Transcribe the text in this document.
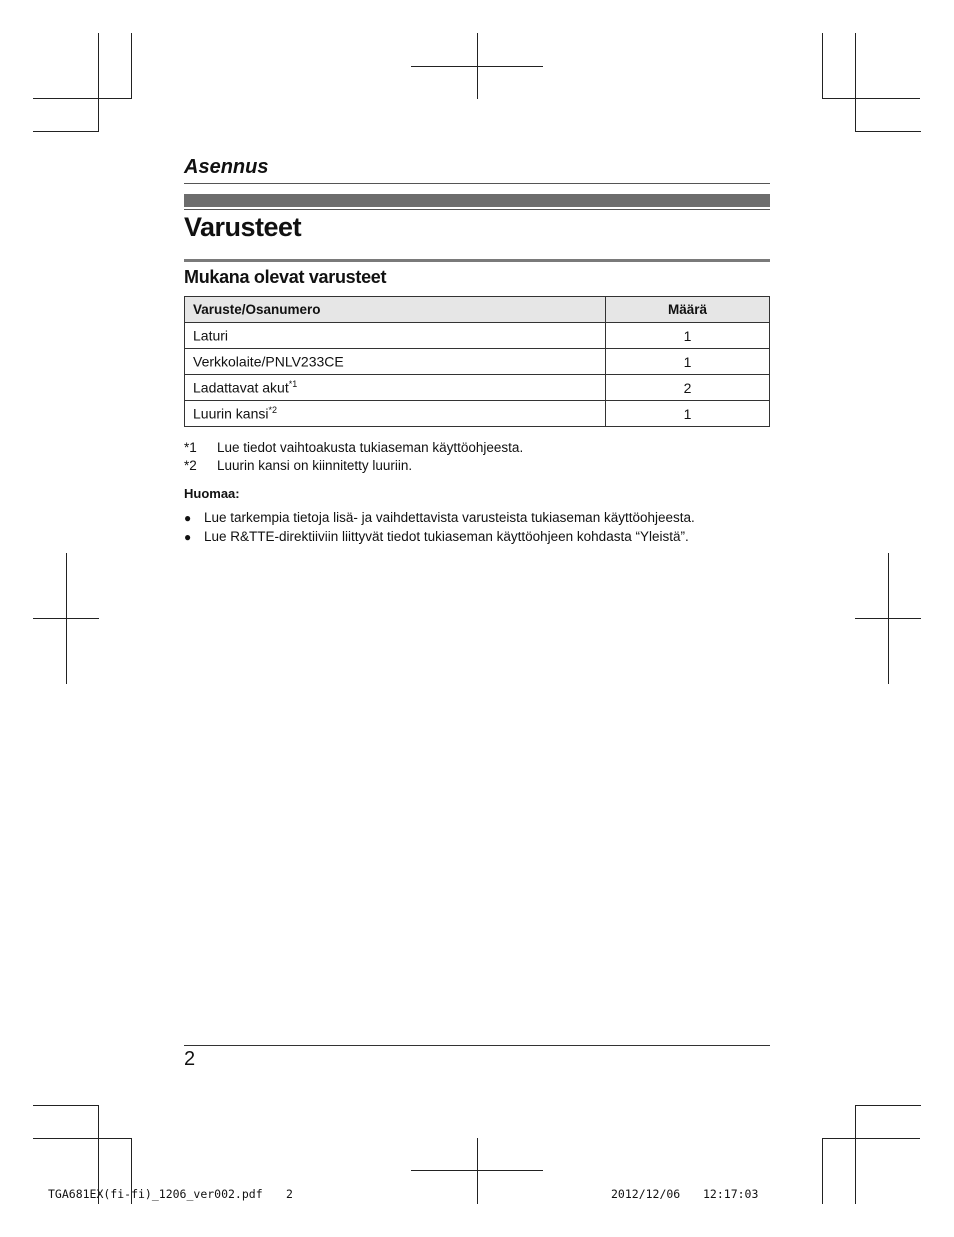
Asennus
Varusteet
Mukana olevat varusteet
Varuste/Osanumero	Määrä
Laturi	1
Verkkolaite/PNLV233CE	1
Ladattavat akut$^{*1}$	2
Luurin kansi$^{*2}$	1
*1 Lue tiedot vaihtoakusta tukiaseman käyttöohjeesta.
*2 Luurin kansi on kiinnitetty luuriin.
Huomaa:
● Lue tarkempia tietoja lisä- ja vaihdettavista varusteista tukiaseman käyttöohjeesta.
● Lue R&TTE-direktiiviin liittyvät tiedot tukiaseman käyttöohjeen kohdasta “Yleistä”.
2
TGA681EX(fi-fi)_1206_ver002.pdf 2	2012/12/06 12:17:03
